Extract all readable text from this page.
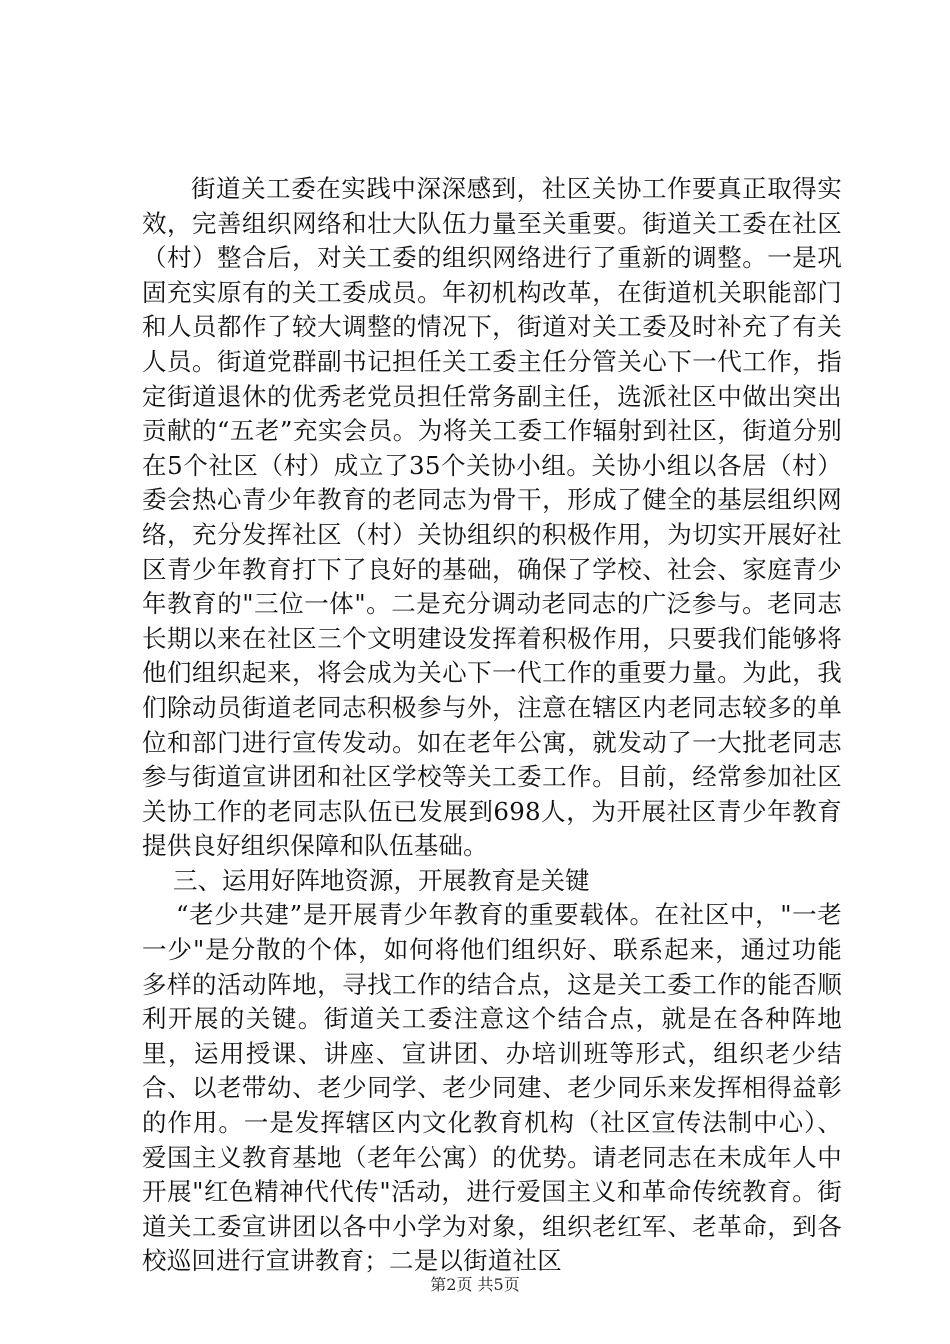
街道关工委在实践中深深感到，社区关协工作要真正取得实效，完善组织网络和壮大队伍力量至关重要。街道关工委在社区（村）整合后，对关工委的组织网络进行了重新的调整。一是巩固充实原有的关工委成员。年初机构改革，在街道机关职能部门和人员都作了较大调整的情况下，街道对关工委及时补充了有关人员。街道党群副书记担任关工委主任分管关心下一代工作，指定街道退休的优秀老党员担任常务副主任，选派社区中做出突出贡献的“五老”充实会员。为将关工委工作辐射到社区，街道分别在5个社区（村）成立了35个关协小组。关协小组以各居（村）委会热心青少年教育的老同志为骨干，形成了健全的基层组织网络，充分发挥社区（村）关协组织的积极作用，为切实开展好社区青少年教育打下了良好的基础，确保了学校、社会、家庭青少年教育的"三位一体"。二是充分调动老同志的广泛参与。老同志长期以来在社区三个文明建设发挥着积极作用，只要我们能够将他们组织起来，将会成为关心下一代工作的重要力量。为此，我们除动员街道老同志积极参与外，注意在辖区内老同志较多的单位和部门进行宣传发动。如在老年公寓，就发动了一大批老同志参与街道宣讲团和社区学校等关工委工作。目前，经常参加社区关协工作的老同志队伍已发展到698人，为开展社区青少年教育提供良好组织保障和队伍基础。

三、运用好阵地资源，开展教育是关键

“老少共建”是开展青少年教育的重要载体。在社区中，"一老一少"是分散的个体，如何将他们组织好、联系起来，通过功能多样的活动阵地，寻找工作的结合点，这是关工委工作的能否顺利开展的关键。街道关工委注意这个结合点，就是在各种阵地里，运用授课、讲座、宣讲团、办培训班等形式，组织老少结合、以老带幼、老少同学、老少同建、老少同乐来发挥相得益彰的作用。一是发挥辖区内文化教育机构（社区宣传法制中心）、爱国主义教育基地（老年公寓）的优势。请老同志在未成年人中开展"红色精神代代传"活动，进行爱国主义和革命传统教育。街道关工委宣讲团以各中小学为对象，组织老红军、老革命，到各校巡回进行宣讲教育；二是以街道社区

第2页 共5页
